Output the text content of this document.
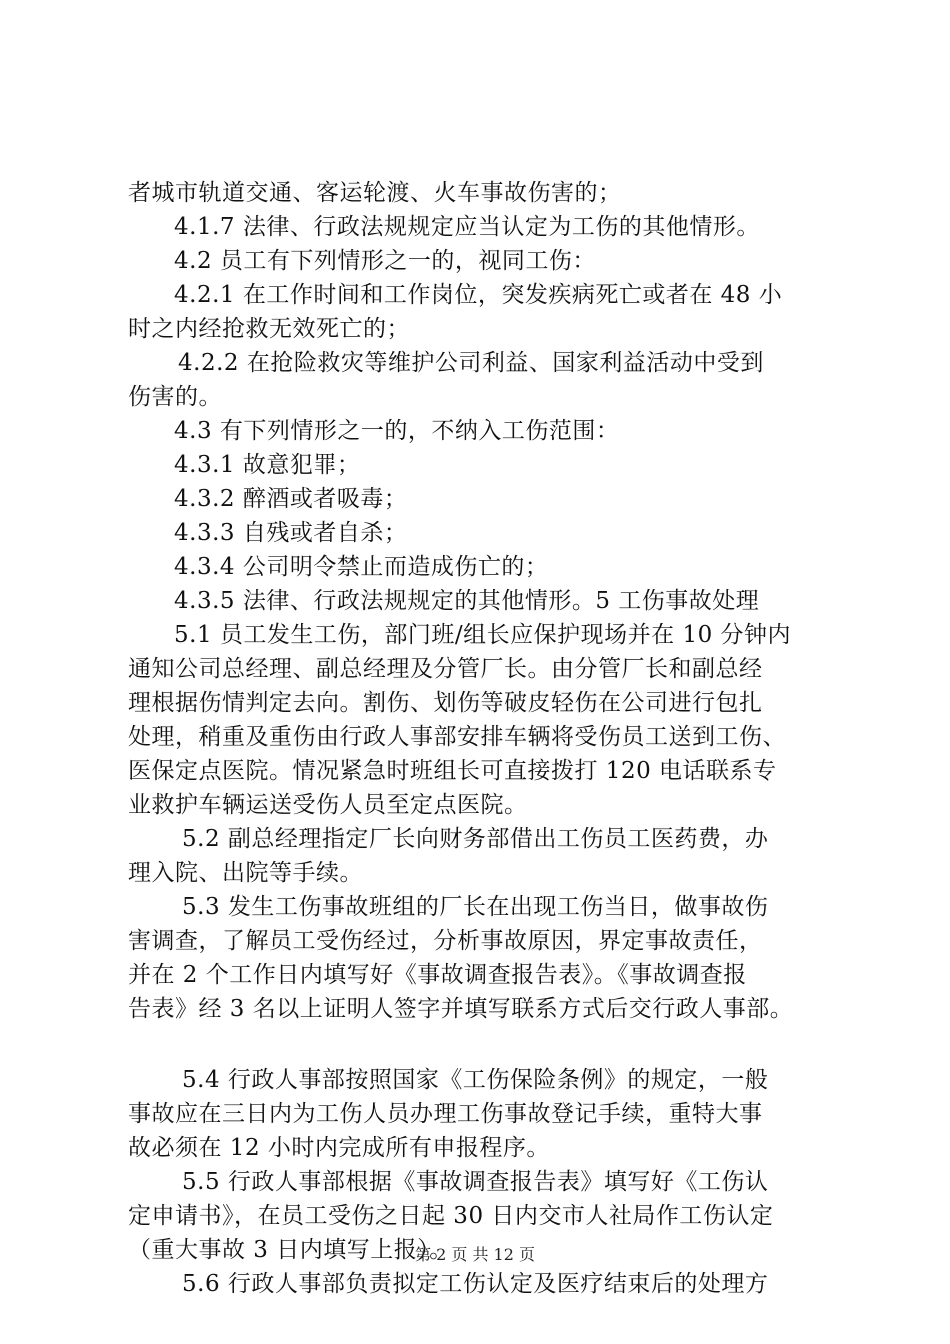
者城市轨道交通、客运轮渡、火车事故伤害的；
4.1.7 法律、行政法规规定应当认定为工伤的其他情形。
4.2 员工有下列情形之一的，视同工伤：
4.2.1 在工作时间和工作岗位，突发疾病死亡或者在 48 小
时之内经抢救无效死亡的；
4.2.2 在抢险救灾等维护公司利益、国家利益活动中受到
伤害的。
4.3 有下列情形之一的，不纳入工伤范围：
4.3.1 故意犯罪；
4.3.2 醉酒或者吸毒；
4.3.3 自残或者自杀；
4.3.4 公司明令禁止而造成伤亡的；
4.3.5 法律、行政法规规定的其他情形。5 工伤事故处理
5.1 员工发生工伤，部门班/组长应保护现场并在 10 分钟内
通知公司总经理、副总经理及分管厂长。由分管厂长和副总经
理根据伤情判定去向。割伤、划伤等破皮轻伤在公司进行包扎
处理，稍重及重伤由行政人事部安排车辆将受伤员工送到工伤、
医保定点医院。情况紧急时班组长可直接拨打 120 电话联系专
业救护车辆运送受伤人员至定点医院。
5.2 副总经理指定厂长向财务部借出工伤员工医药费，办
理入院、出院等手续。
5.3 发生工伤事故班组的厂长在出现工伤当日，做事故伤
害调查，了解员工受伤经过，分析事故原因，界定事故责任，
并在 2 个工作日内填写好《事故调查报告表》。《事故调查报
告表》经 3 名以上证明人签字并填写联系方式后交行政人事部。
5.4 行政人事部按照国家《工伤保险条例》的规定，一般
事故应在三日内为工伤人员办理工伤事故登记手续，重特大事
故必须在 12 小时内完成所有申报程序。
5.5 行政人事部根据《事故调查报告表》填写好《工伤认
定申请书》，在员工受伤之日起 30 日内交市人社局作工伤认定
（重大事故 3 日内填写上报）。
5.6 行政人事部负责拟定工伤认定及医疗结束后的处理方
第 2 页 共 12 页
